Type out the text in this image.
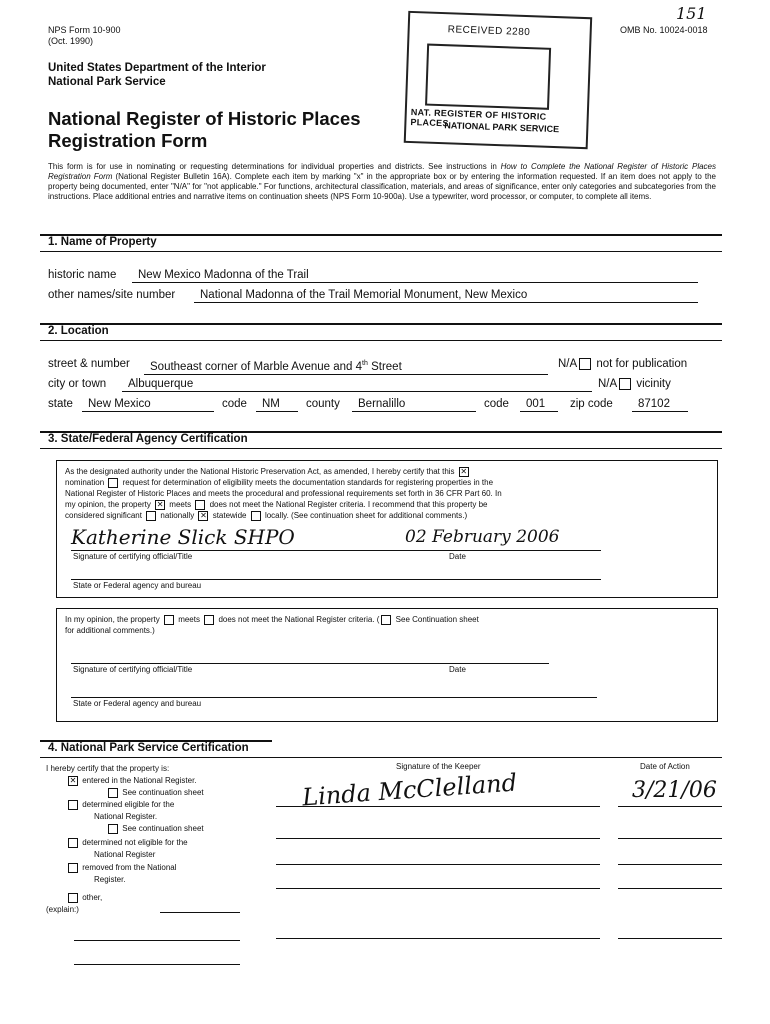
NPS Form 10-900
(Oct. 1990)
OMB No. 10024-0018
151
United States Department of the Interior
National Park Service
National Register of Historic Places
Registration Form
RECEIVED 2280
NAT. REGISTER OF HISTORIC PLACES
NATIONAL PARK SERVICE
This form is for use in nominating or requesting determinations for individual properties and districts. See instructions in How to Complete the National Register of Historic Places Registration Form (National Register Bulletin 16A). Complete each item by marking "x" in the appropriate box or by entering the information requested. If an item does not apply to the property being documented, enter "N/A" for "not applicable." For functions, architectural classification, materials, and areas of significance, enter only categories and subcategories from the instructions. Place additional entries and narrative items on continuation sheets (NPS Form 10-900a). Use a typewriter, word processor, or computer, to complete all items.
1. Name of Property
historic name	New Mexico Madonna of the Trail
other names/site number	National Madonna of the Trail Memorial Monument, New Mexico
2. Location
street & number	Southeast corner of Marble Avenue and 4th Street	N/A not for publication
city or town	Albuquerque	N/A vicinity
state	New Mexico	code	NM	county	Bernalillo	code	001	zip code	87102
3. State/Federal Agency Certification
As the designated authority under the National Historic Preservation Act, as amended, I hereby certify that this ✕
nomination request for determination of eligibility meets the documentation standards for registering properties in the
National Register of Historic Places and meets the procedural and professional requirements set forth in 36 CFR Part 60. In
my opinion, the property ✕ meets does not meet the National Register criteria. I recommend that this property be
considered significant nationally ✕ statewide locally. (See continuation sheet for additional comments.)
Katherine Slick SHPO	02 February 2006
Signature of certifying official/Title	Date
State or Federal agency and bureau
In my opinion, the property meets does not meet the National Register criteria. ( See Continuation sheet
for additional comments.)
Signature of certifying official/Title	Date
State or Federal agency and bureau
4. National Park Service Certification
I hereby certify that the property is:	Signature of the Keeper	Date of Action
✕ entered in the National Register.
See continuation sheet
determined eligible for the
National Register.
See continuation sheet
determined not eligible for the
National Register
removed from the National
Register.
other,
(explain:)
Linda McClelland	3/21/06
